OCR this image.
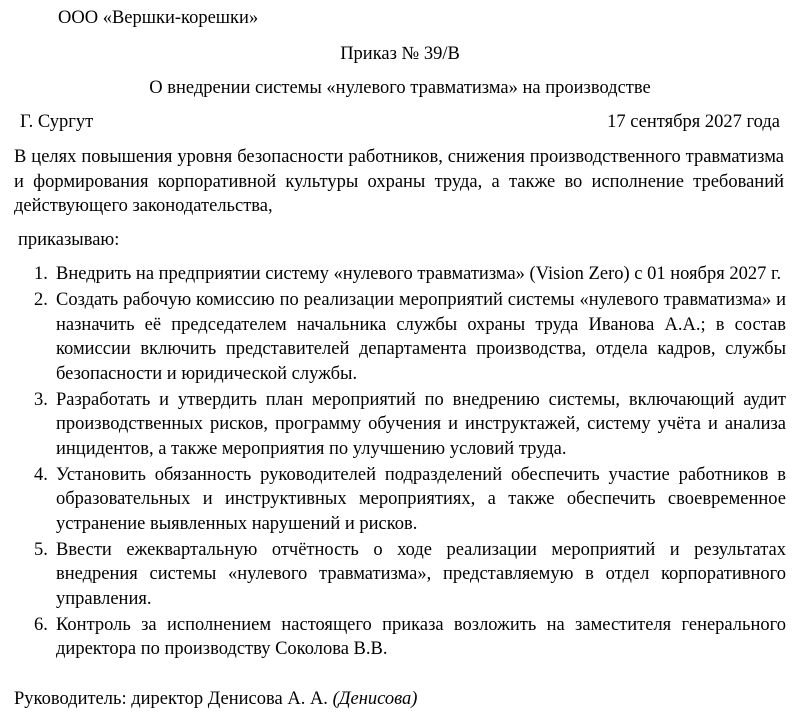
ООО «Вершки-корешки»
Приказ № 39/В
О внедрении системы «нулевого травматизма» на производстве
Г. Сургут	17 сентября 2027 года

В целях повышения уровня безопасности работников, снижения производственного травматизма и формирования корпоративной культуры охраны труда, а также во исполнение требований действующего законодательства,

приказываю:
1. Внедрить на предприятии систему «нулевого травматизма» (Vision Zero) с 01 ноября 2027 г.
2. Создать рабочую комиссию по реализации мероприятий системы «нулевого травматизма» и назначить её председателем начальника службы охраны труда Иванова А.А.; в состав комиссии включить представителей департамента производства, отдела кадров, службы безопасности и юридической службы.
3. Разработать и утвердить план мероприятий по внедрению системы, включающий аудит производственных рисков, программу обучения и инструктажей, систему учёта и анализа инцидентов, а также мероприятия по улучшению условий труда.
4. Установить обязанность руководителей подразделений обеспечить участие работников в образовательных и инструктивных мероприятиях, а также обеспечить своевременное устранение выявленных нарушений и рисков.
5. Ввести ежеквартальную отчётность о ходе реализации мероприятий и результатах внедрения системы «нулевого травматизма», представляемую в отдел корпоративного управления.
6. Контроль за исполнением настоящего приказа возложить на заместителя генерального директора по производству Соколова В.В.
Руководитель: директор Денисова А. А. (Денисова)
